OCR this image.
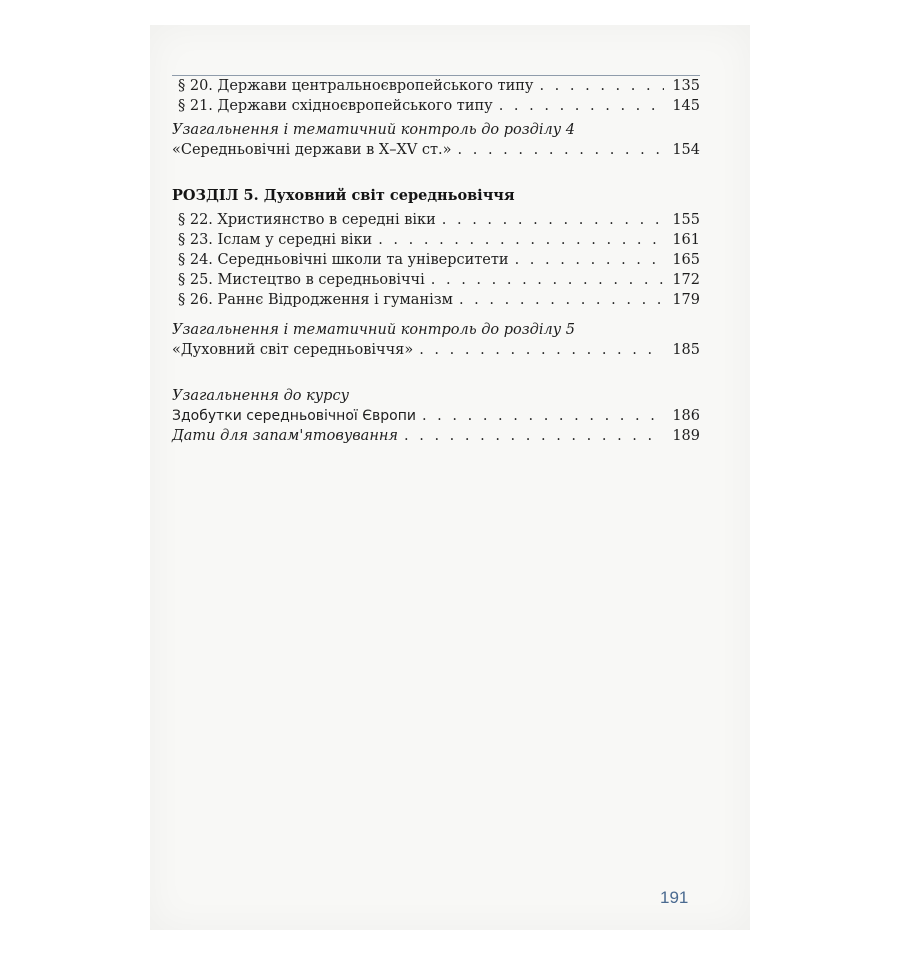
§ 20. Держави центральноєвропейського типу . . .	135
§ 21. Держави східноєвропейського типу . . .	145
Узагальнення і тематичний контроль до розділу 4
«Середньовічні держави в X–XV ст.» . . .	154
РОЗДІЛ 5. Духовний світ середньовіччя
§ 22. Християнство в середні віки . . .	155
§ 23. Іслам у середні віки . . .	161
§ 24. Середньовічні школи та університети . . .	165
§ 25. Мистецтво в середньовіччі . . .	172
§ 26. Раннє Відродження і гуманізм . . .	179
Узагальнення і тематичний контроль до розділу 5
«Духовний світ середньовіччя» . . .	185
Узагальнення до курсу
Здобутки середньовічної Європи . . .	186
Дати для запам'ятовування . . .	189
191
